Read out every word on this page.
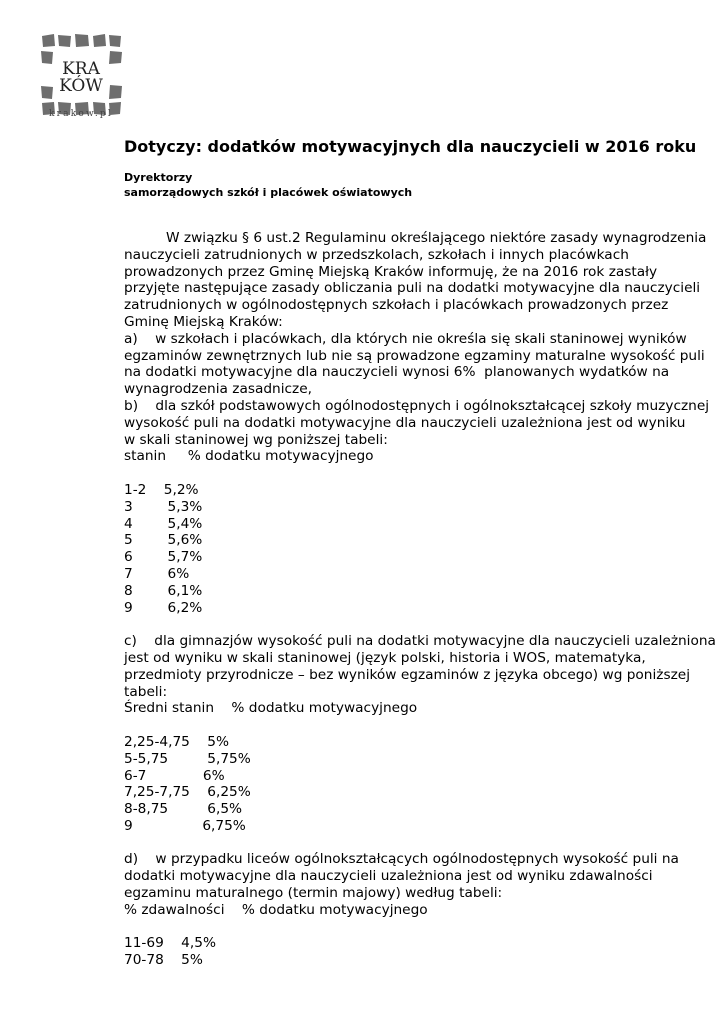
KRA
KÓW
krakow.pl
Dotyczy: dodatków motywacyjnych dla nauczycieli w 2016 roku
Dyrektorzy
samorządowych szkół i placówek oświatowych
W związku § 6 ust.2 Regulaminu określającego niektóre zasady wynagrodzenia
nauczycieli zatrudnionych w przedszkolach, szkołach i innych placówkach
prowadzonych przez Gminę Miejską Kraków informuję, że na 2016 rok zastały
przyjęte następujące zasady obliczania puli na dodatki motywacyjne dla nauczycieli
zatrudnionych w ogólnodostępnych szkołach i placówkach prowadzonych przez
Gminę Miejską Kraków:
a)    w szkołach i placówkach, dla których nie określa się skali staninowej wyników
egzaminów zewnętrznych lub nie są prowadzone egzaminy maturalne wysokość puli
na dodatki motywacyjne dla nauczycieli wynosi 6%  planowanych wydatków na
wynagrodzenia zasadnicze,
b)    dla szkół podstawowych ogólnodostępnych i ogólnokształcącej szkoły muzycznej
wysokość puli na dodatki motywacyjne dla nauczycieli uzależniona jest od wyniku
w skali staninowej wg poniższej tabeli:
stanin     % dodatku motywacyjnego
1-2    5,2%
3        5,3%
4        5,4%
5        5,6%
6        5,7%
7        6%
8        6,1%
9        6,2%
c)    dla gimnazjów wysokość puli na dodatki motywacyjne dla nauczycieli uzależniona
jest od wyniku w skali staninowej (język polski, historia i WOS, matematyka,
przedmioty przyrodnicze – bez wyników egzaminów z języka obcego) wg poniższej
tabeli:
Średni stanin    % dodatku motywacyjnego
2,25-4,75    5%
5-5,75         5,75%
6-7             6%
7,25-7,75    6,25%
8-8,75         6,5%
9                6,75%
d)    w przypadku liceów ogólnokształcących ogólnodostępnych wysokość puli na
dodatki motywacyjne dla nauczycieli uzależniona jest od wyniku zdawalności
egzaminu maturalnego (termin majowy) według tabeli:
% zdawalności    % dodatku motywacyjnego
11-69    4,5%
70-78    5%
